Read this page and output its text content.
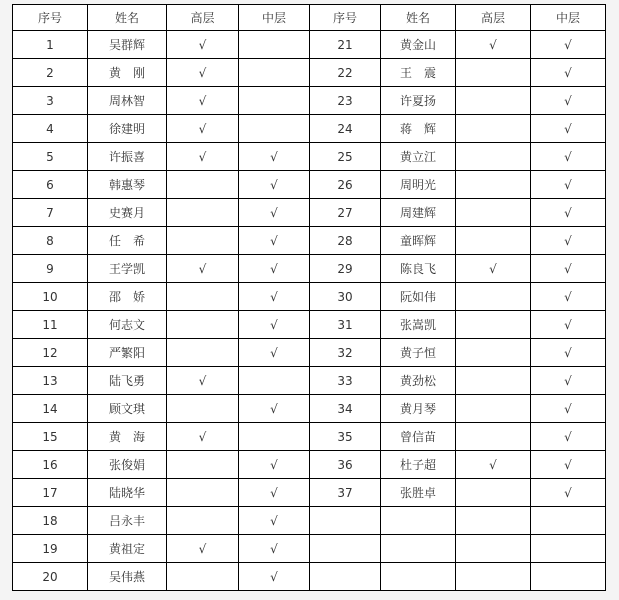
序号	姓名	高层	中层	序号	姓名	高层	中层
1	吴群辉	√		21	黄金山	√	√
2	黄　刚	√		22	王　震		√
3	周林智	√		23	许夏扬		√
4	徐建明	√		24	蒋　辉		√
5	许振喜	√	√	25	黄立江		√
6	韩惠琴		√	26	周明光		√
7	史赛月		√	27	周建辉		√
8	任　希		√	28	童晖辉		√
9	王学凯	√	√	29	陈良飞	√	√
10	邵　娇		√	30	阮如伟		√
11	何志文		√	31	张嵩凯		√
12	严繁阳		√	32	黄子恒		√
13	陆飞勇	√		33	黄劲松		√
14	顾文琪		√	34	黄月琴		√
15	黄　海	√		35	曾信苗		√
16	张俊娟		√	36	杜子超	√	√
17	陆晓华		√	37	张胜卓		√
18	吕永丰		√				
19	黄祖定	√	√				
20	吴伟燕		√				
